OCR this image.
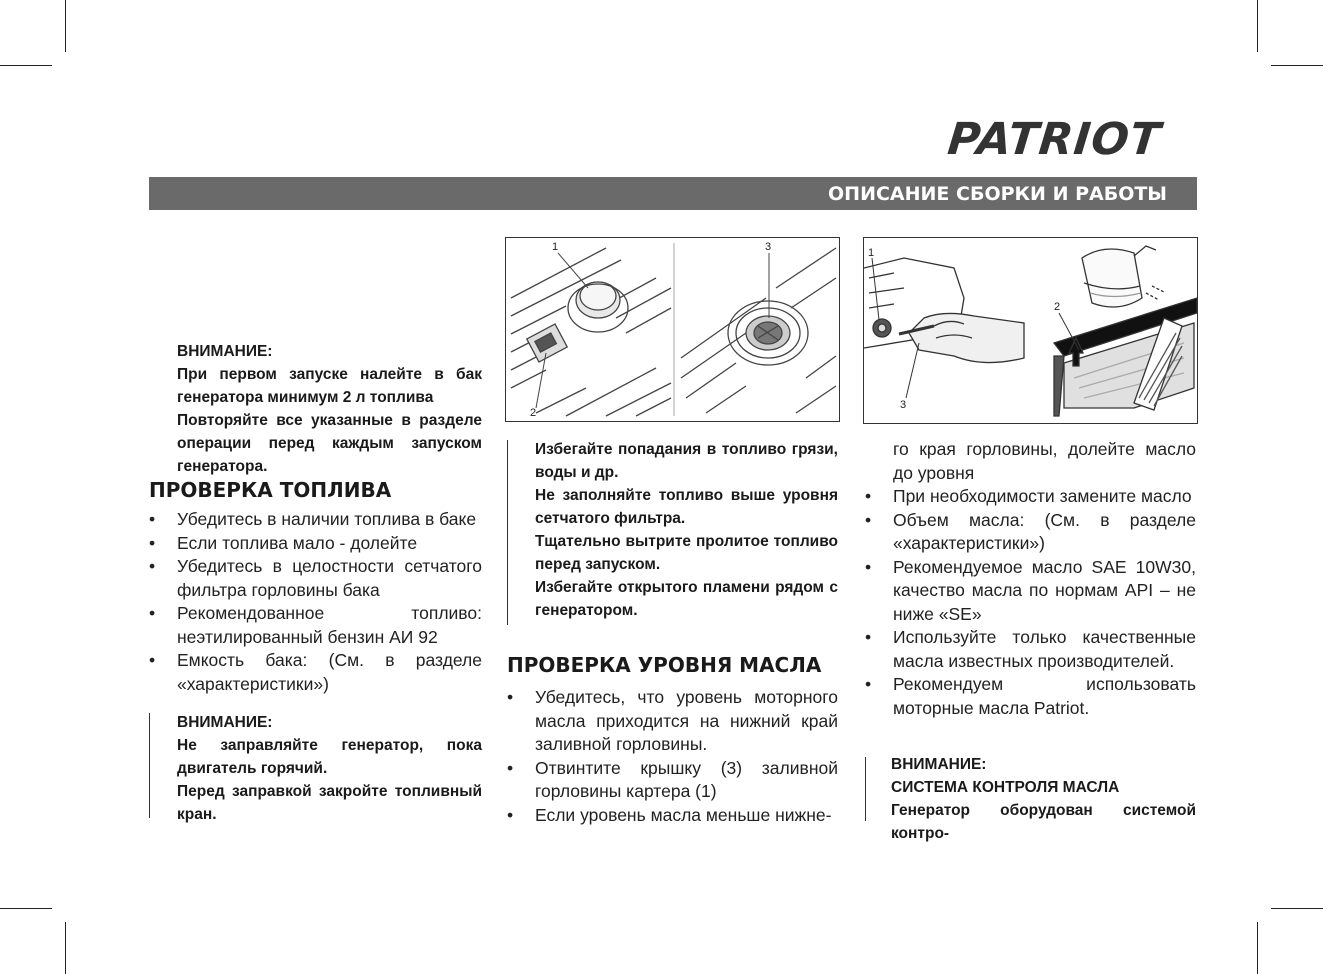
PATRIOT
ОПИСАНИЕ СБОРКИ И РАБОТЫ

ВНИМАНИЕ:

При первом запуске налейте в бак генератора минимум 2 л топлива

Повторяйте все указанные в разделе операции перед каждым запуском генератора.

ПРОВЕРКА ТОПЛИВА
• Убедитесь в наличии топлива в баке
• Если топлива мало - долейте
• Убедитесь в целостности сетчатого фильтра горловины бака
• Рекомендованное топливо: неэтилированный бензин АИ 92
• Емкость бака: (См. в разделе «характеристики»)

ВНИМАНИЕ:

Не заправляйте генератор, пока двигатель горячий.

Перед заправкой закройте топливный кран.

1
2
3

Избегайте попадания в топливо грязи, воды и др.

Не заполняйте топливо выше уровня сетчатого фильтра.

Тщательно вытрите пролитое топливо перед запуском.

Избегайте открытого пламени рядом с генератором.

ПРОВЕРКА УРОВНЯ МАСЛА
• Убедитесь, что уровень моторного масла приходится на нижний край заливной горловины.
• Отвинтите крышку (3) заливной горловины картера (1)
• Если уровень масла меньше нижне-
1
2
3
го края горловины, долейте масло до уровня
• При необходимости замените масло
• Объем масла: (См. в разделе «характеристики»)
• Рекомендуемое масло SAE 10W30, качество масла по нормам API – не ниже «SE»
• Используйте только качественные масла известных производителей.
• Рекомендуем использовать моторные масла Patriot.

ВНИМАНИЕ:

СИСТЕМА КОНТРОЛЯ МАСЛА

Генератор оборудован системой контро-
